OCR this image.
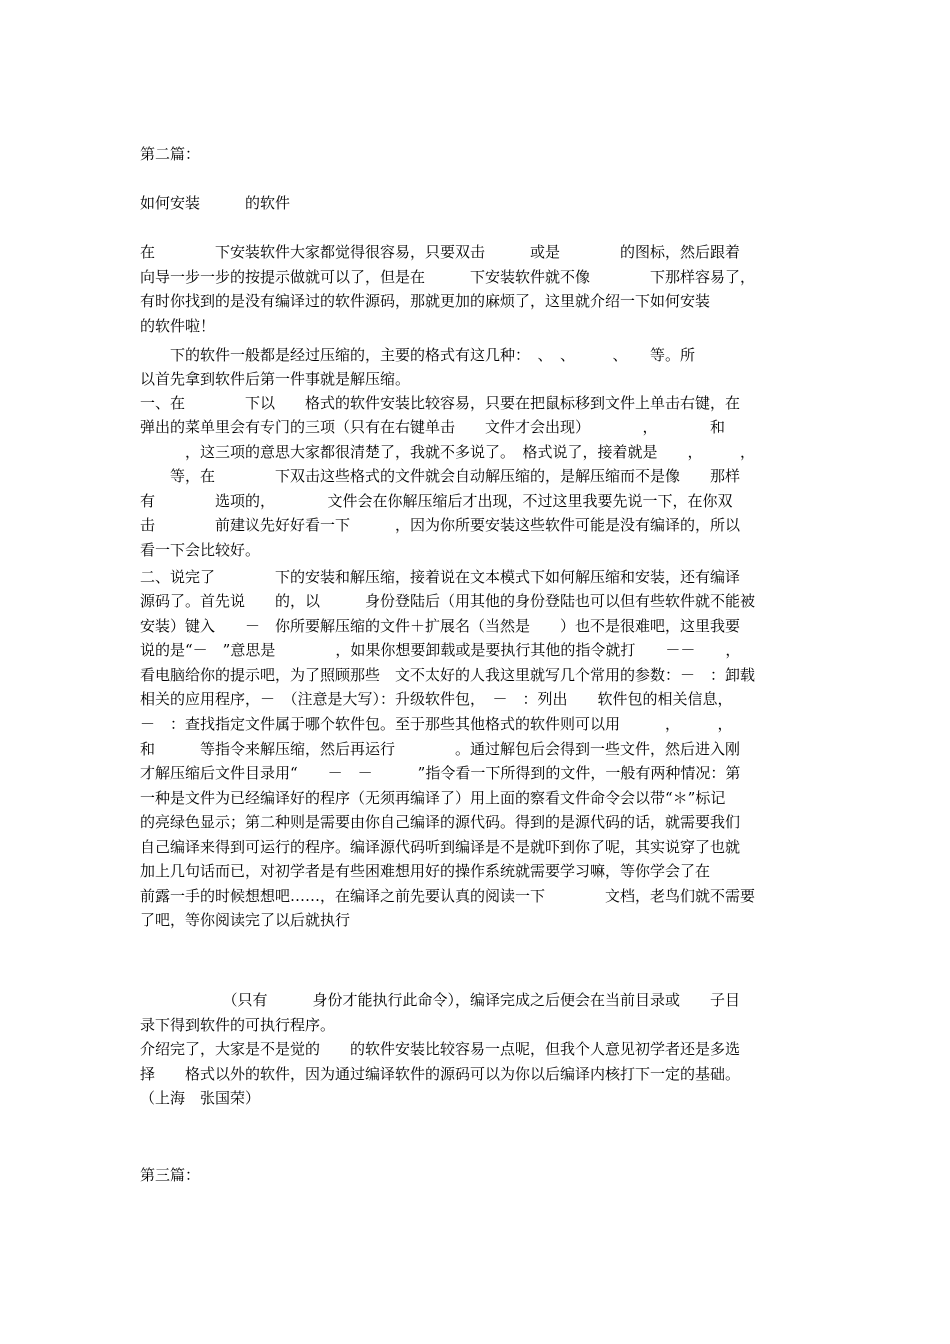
第二篇：
如何安装　　　的软件
在　　　　下安装软件大家都觉得很容易，只要双击　　　或是　　　　的图标，然后跟着
向导一步一步的按提示做就可以了，但是在　　　下安装软件就不像　　　　下那样容易了，
有时你找到的是没有编译过的软件源码，那就更加的麻烦了，这里就介绍一下如何安装
的软件啦！
　　下的软件一般都是经过压缩的，主要的格式有这几种：　、　、　　　、　　等。所
以首先拿到软件后第一件事就是解压缩。
一、在　　　　下以　　格式的软件安装比较容易，只要在把鼠标移到文件上单击右键，在
弹出的菜单里会有专门的三项（只有在右键单击　　文件才会出现）　　　　，　　　　和
　　　，这三项的意思大家都很清楚了，我就不多说了。　格式说了，接着就是　　，　　　，
　　等，在　　　　下双击这些格式的文件就会自动解压缩的，是解压缩而不是像　　那样
有　　　　选项的，　　　　文件会在你解压缩后才出现，不过这里我要先说一下，在你双
击　　　　前建议先好好看一下　　　，因为你所要安装这些软件可能是没有编译的，所以
看一下会比较好。
二、说完了　　　　下的安装和解压缩，接着说在文本模式下如何解压缩和安装，还有编译
源码了。首先说　　的，以　　　身份登陆后（用其他的身份登陆也可以但有些软件就不能被
安装）键入　　－　你所要解压缩的文件＋扩展名（当然是　　）也不是很难吧，这里我要
说的是“－　”意思是　　　　，如果你想要卸载或是要执行其他的指令就打　　－－　　，
看电脑给你的提示吧，为了照顾那些　文不太好的人我这里就写几个常用的参数：－　：卸载
相关的应用程序，－　（注意是大写）：升级软件包，　－　：列出　　软件包的相关信息，
－　：查找指定文件属于哪个软件包。至于那些其他格式的软件则可以用　　　，　　　，
和　　　等指令来解压缩，然后再运行　　　　。通过解包后会得到一些文件，然后进入刚
才解压缩后文件目录用“　　－　－　　　”指令看一下所得到的文件，一般有两种情况：第
一种是文件为已经编译好的程序（无须再编译了）用上面的察看文件命令会以带“＊”标记
的亮绿色显示；第二种则是需要由你自己编译的源代码。得到的是源代码的话，就需要我们
自己编译来得到可运行的程序。编译源代码听到编译是不是就吓到你了呢，其实说穿了也就
加上几句话而已，对初学者是有些困难想用好的操作系统就需要学习嘛，等你学会了在
前露一手的时候想想吧……，在编译之前先要认真的阅读一下　　　　文档，老鸟们就不需要
了吧，等你阅读完了以后就执行
　　　　　　（只有　　　身份才能执行此命令），编译完成之后便会在当前目录或　　子目
录下得到软件的可执行程序。
介绍完了，大家是不是觉的　　的软件安装比较容易一点呢，但我个人意见初学者还是多选
择　　格式以外的软件，因为通过编译软件的源码可以为你以后编译内核打下一定的基础。
（上海　张国荣）
第三篇：
